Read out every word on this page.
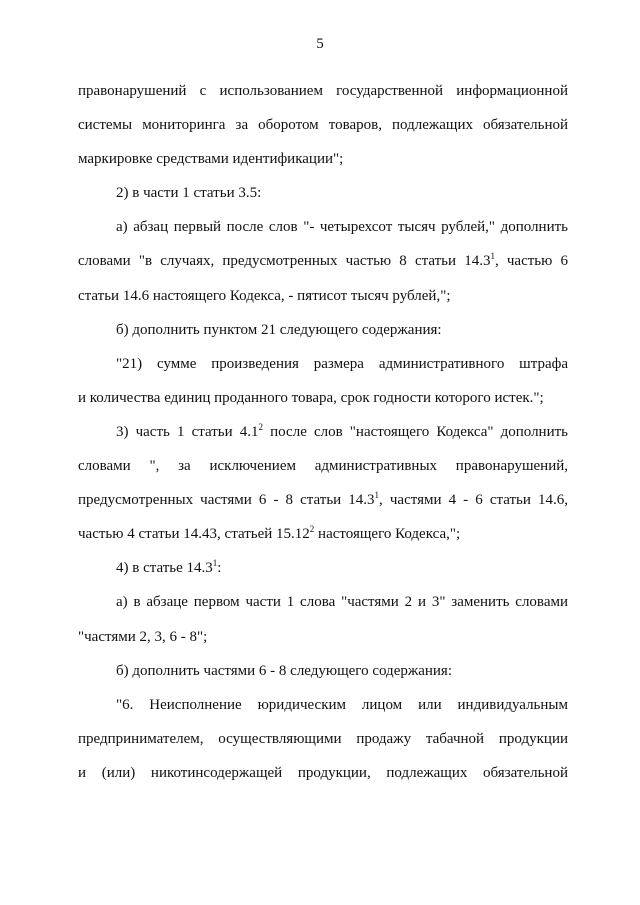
5
правонарушений с использованием государственной информационной
системы мониторинга за оборотом товаров, подлежащих обязательной
маркировке средствами идентификации";
2) в части 1 статьи 3.5:
а) абзац первый после слов "- четырехсот тысяч рублей," дополнить
словами "в случаях, предусмотренных частью 8 статьи 14.3$^1$, частью 6
статьи 14.6 настоящего Кодекса, - пятисот тысяч рублей,";
б) дополнить пунктом 21 следующего содержания:
"21) сумме произведения размера административного штрафа
и количества единиц проданного товара, срок годности которого истек.";
3) часть 1 статьи $4.1^2$ после слов "настоящего Кодекса" дополнить
словами ", за исключением административных правонарушений,
предусмотренных частями 6 - 8 статьи 14.3$^1$, частями 4 - 6 статьи 14.6,
частью 4 статьи 14.43, статьей 15.12$^2$ настоящего Кодекса,";
4) в статье 14.3$^1$:
а) в абзаце первом части 1 слова "частями 2 и 3" заменить словами
"частями 2, 3, 6 - 8";
б) дополнить частями 6 - 8 следующего содержания:
"6. Неисполнение юридическим лицом или индивидуальным
предпринимателем, осуществляющими продажу табачной продукции
и (или) никотинсодержащей продукции, подлежащих обязательной
